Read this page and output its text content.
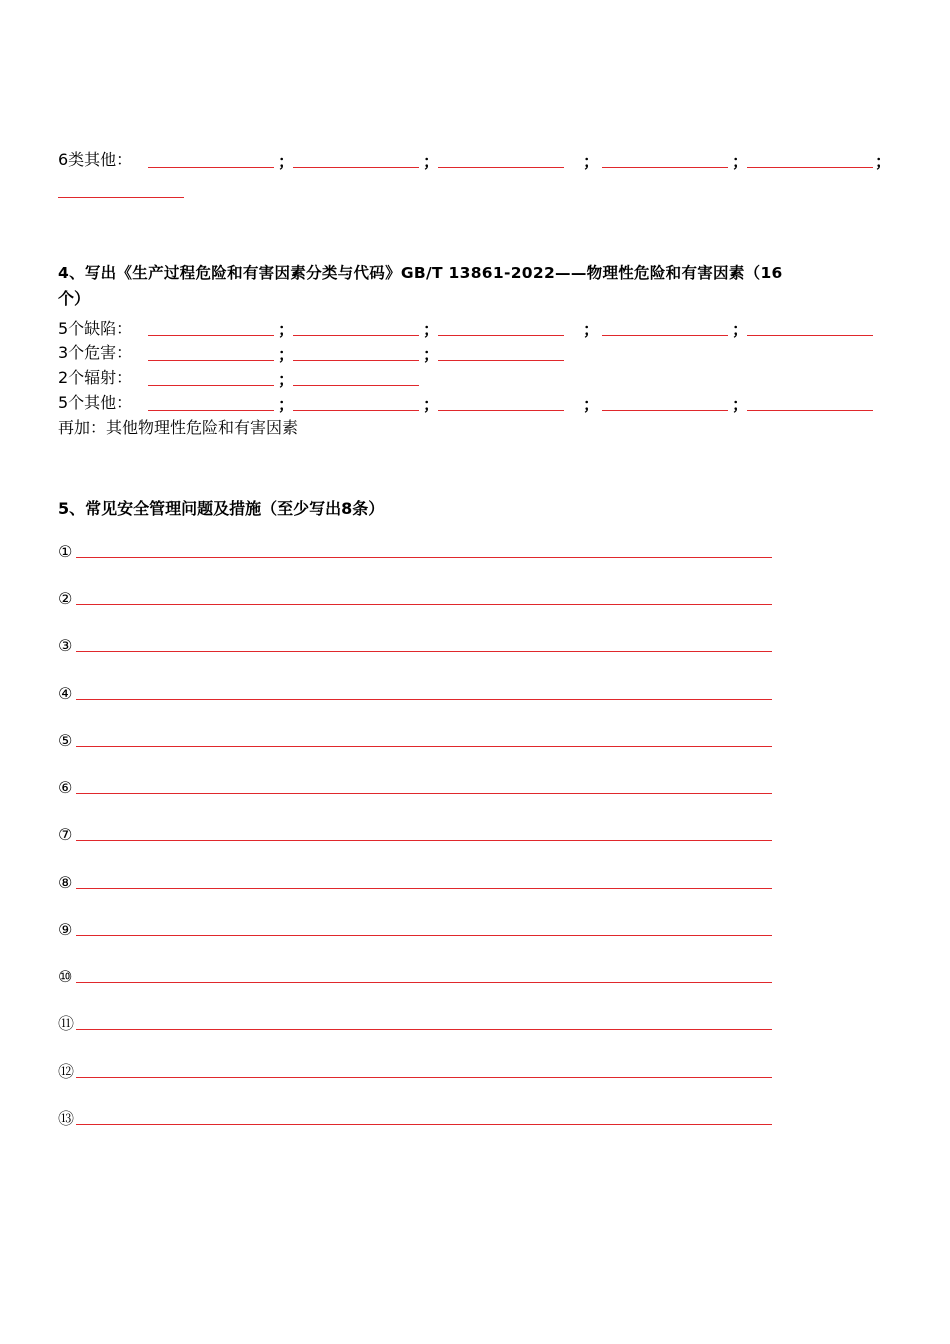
6类其他：	；	；	；	；	；
4、写出《生产过程危险和有害因素分类与代码》GB/T 13861-2022——物理性危险和有害因素（16
个）
5个缺陷：	；	；	；	；
3个危害：	；	；
2个辐射：	；
5个其他：	；	；	；	；
再加：其他物理性危险和有害因素
5、常见安全管理问题及措施（至少写出8条）
①
②
③
④
⑤
⑥
⑦
⑧
⑨
⑩
⑪
⑫
⑬
